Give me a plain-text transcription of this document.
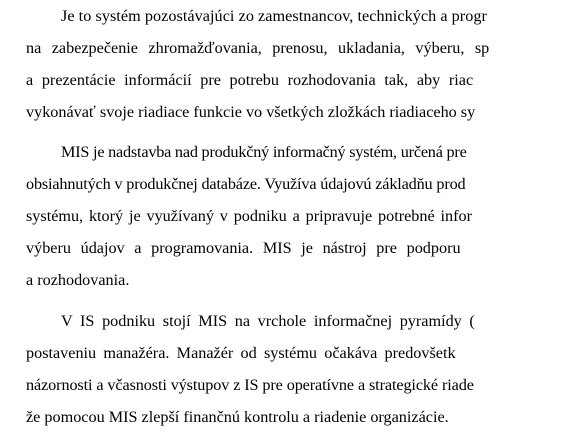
Je to systém pozostávajúci zo zamestnancov, technických a progr
na zabezpečenie zhromažďovania, prenosu, ukladania, výberu, sp
a prezentácie informácií pre potrebu rozhodovania tak, aby riac
vykonávať svoje riadiace funkcie vo všetkých zložkách riadiaceho sy
MIS je nadstavba nad produkčný informačný systém, určená pre
obsiahnutých v produkčnej databáze. Využíva údajovú základňu prod
systému, ktorý je využívaný v podniku a pripravuje potrebné infor
výberu údajov a programovania. MIS je nástroj pre podporu
a rozhodovania.
V IS podniku stojí MIS na vrchole informačnej pyramídy (
postaveniu manažéra. Manažér od systému očakáva predovšetk
názornosti a včasnosti výstupov z IS pre operatívne a strategické riade
že pomocou MIS zlepší finančnú kontrolu a riadenie organizácie.
